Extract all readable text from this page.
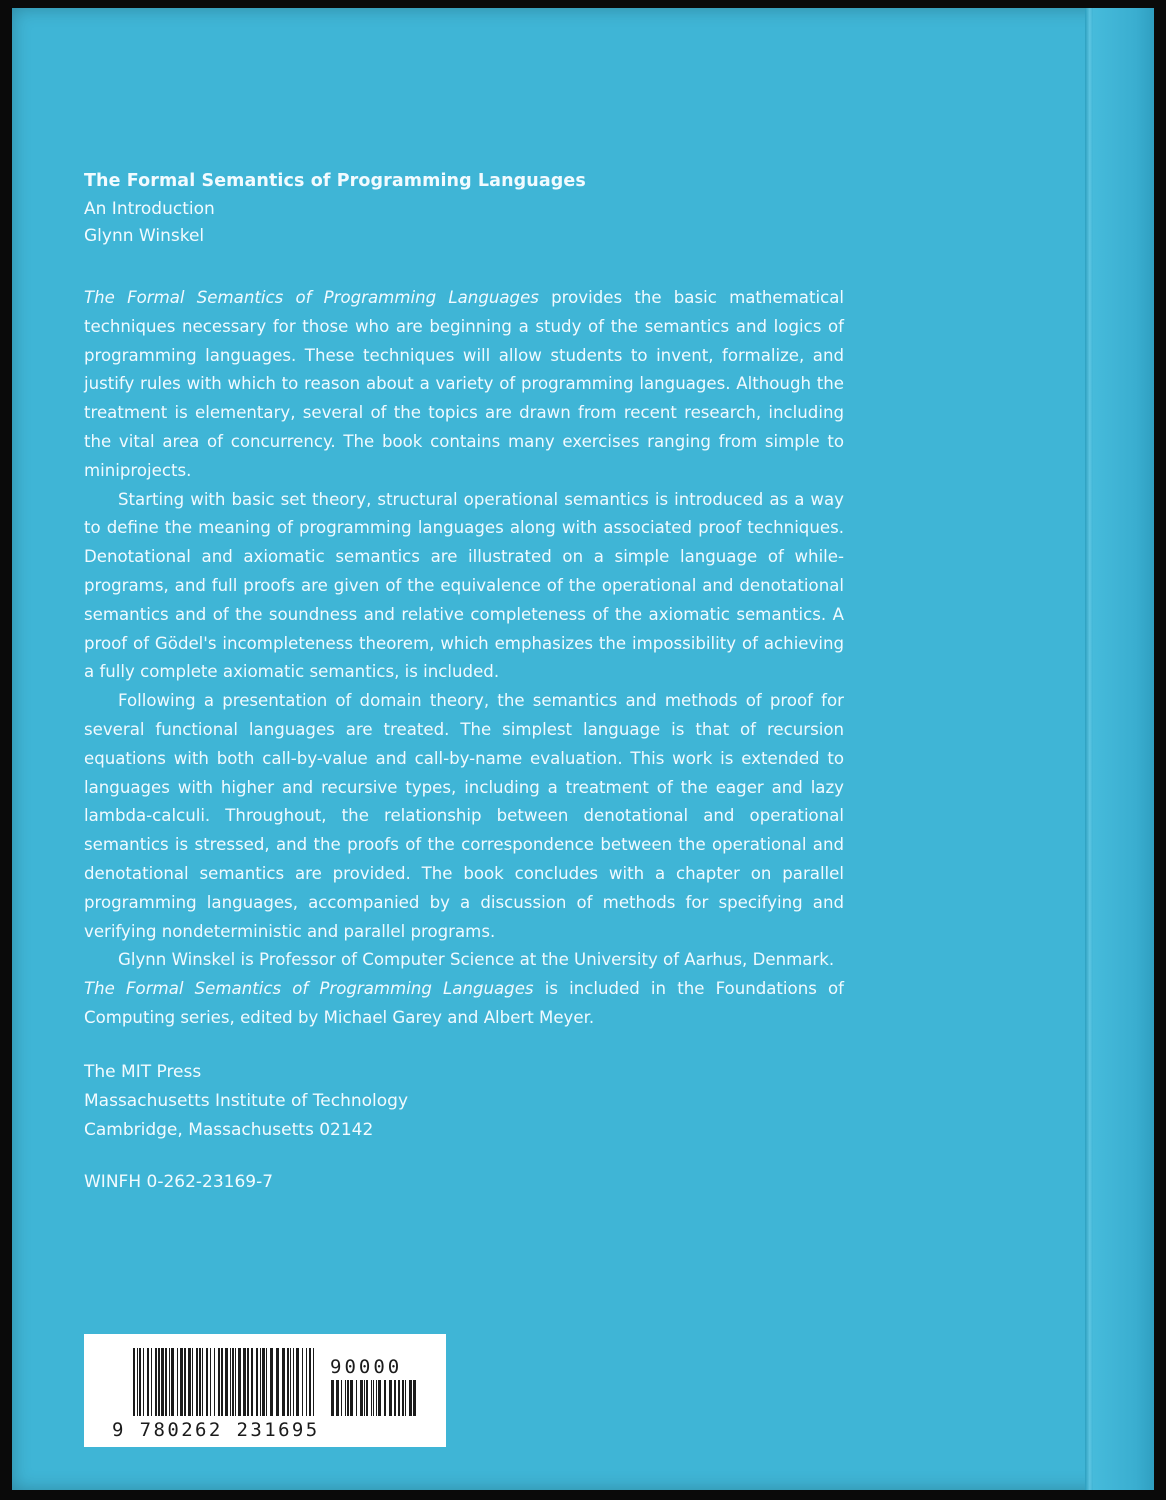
The Formal Semantics of Programming Languages
An Introduction
Glynn Winskel

The Formal Semantics of Programming Languages provides the basic mathematical techniques necessary for those who are beginning a study of the semantics and logics of programming languages. These techniques will allow students to invent, formalize, and justify rules with which to reason about a variety of programming languages. Although the treatment is elementary, several of the topics are drawn from recent research, including the vital area of concurrency. The book contains many exercises ranging from simple to miniprojects.

Starting with basic set theory, structural operational semantics is introduced as a way to define the meaning of programming languages along with associated proof techniques. Denotational and axiomatic semantics are illustrated on a simple language of while-programs, and full proofs are given of the equivalence of the operational and denotational semantics and of the soundness and relative completeness of the axiomatic semantics. A proof of Gödel's incompleteness theorem, which emphasizes the impossibility of achieving a fully complete axiomatic semantics, is included.

Following a presentation of domain theory, the semantics and methods of proof for several functional languages are treated. The simplest language is that of recursion equations with both call-by-value and call-by-name evaluation. This work is extended to languages with higher and recursive types, including a treatment of the eager and lazy lambda-calculi. Throughout, the relationship between denotational and operational semantics is stressed, and the proofs of the correspondence between the operational and denotational semantics are provided. The book concludes with a chapter on parallel programming languages, accompanied by a discussion of methods for specifying and verifying nondeterministic and parallel programs.

Glynn Winskel is Professor of Computer Science at the University of Aarhus, Denmark.

The Formal Semantics of Programming Languages is included in the Foundations of Computing series, edited by Michael Garey and Albert Meyer.

The MIT Press
Massachusetts Institute of Technology
Cambridge, Massachusetts 02142
WINFH 0-262-23169-7
9 780262 231695
90000
